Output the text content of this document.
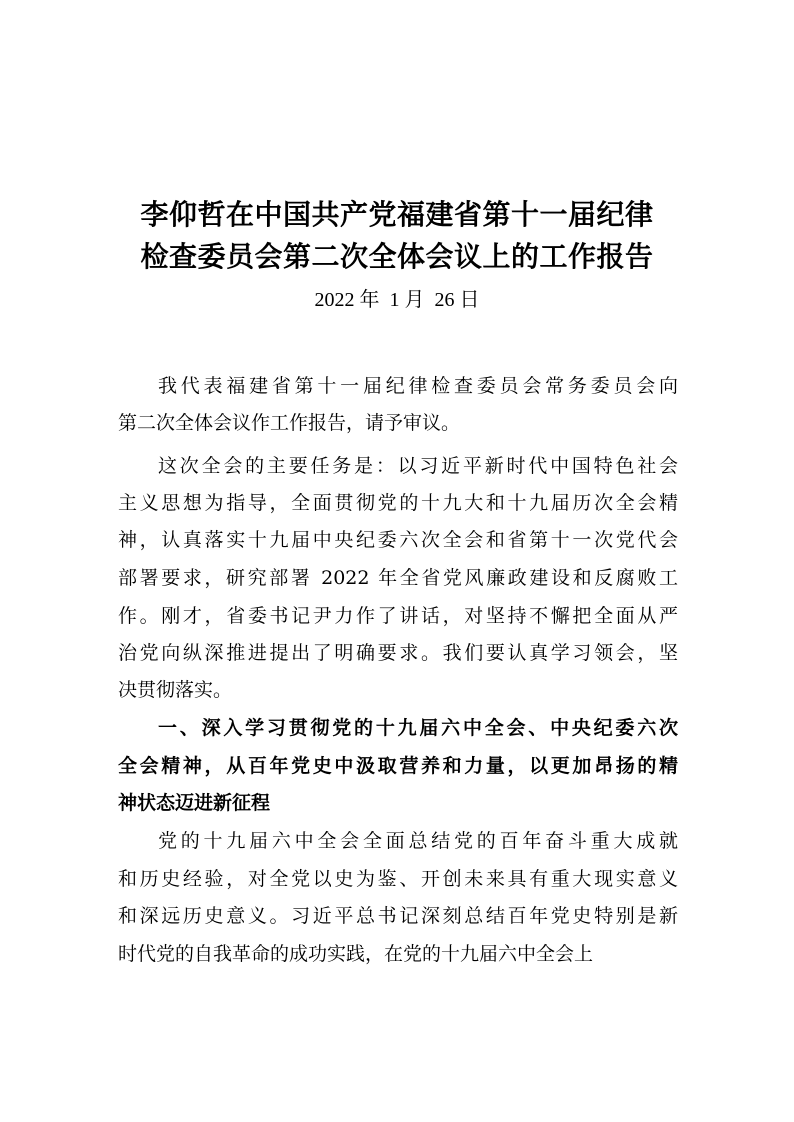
李仰哲在中国共产党福建省第十一届纪律
检查委员会第二次全体会议上的工作报告
2022 年  1 月  26 日
我代表福建省第十一届纪律检查委员会常务委员会向
第二次全体会议作工作报告，请予审议。
这次全会的主要任务是：以习近平新时代中国特色社会
主义思想为指导，全面贯彻党的十九大和十九届历次全会精
神，认真落实十九届中央纪委六次全会和省第十一次党代会
部署要求，研究部署 2022 年全省党风廉政建设和反腐败工
作。刚才，省委书记尹力作了讲话，对坚持不懈把全面从严
治党向纵深推进提出了明确要求。我们要认真学习领会，坚
决贯彻落实。
一、深入学习贯彻党的十九届六中全会、中央纪委六次
全会精神，从百年党史中汲取营养和力量，以更加昂扬的精
神状态迈进新征程
党的十九届六中全会全面总结党的百年奋斗重大成就
和历史经验，对全党以史为鉴、开创未来具有重大现实意义
和深远历史意义。习近平总书记深刻总结百年党史特别是新
时代党的自我革命的成功实践，在党的十九届六中全会上
